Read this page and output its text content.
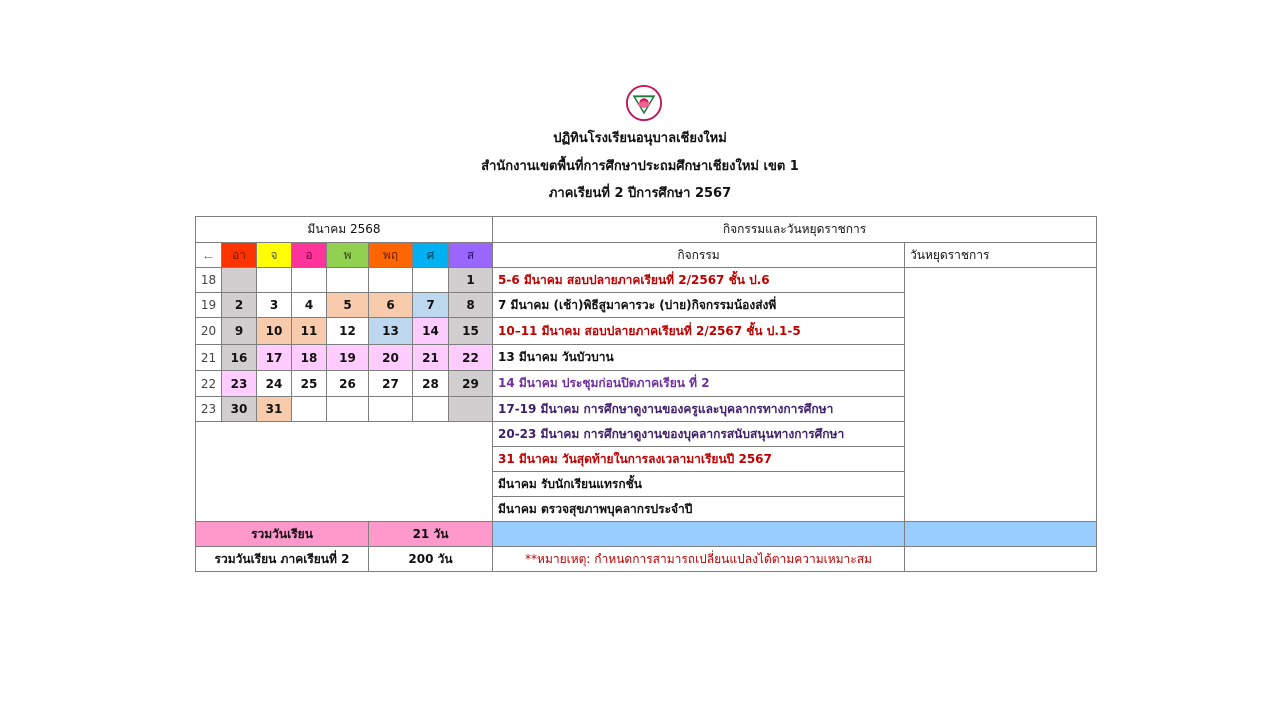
ปฏิทินโรงเรียนอนุบาลเชียงใหม่
สำนักงานเขตพื้นที่การศึกษาประถมศึกษาเชียงใหม่ เขต 1
ภาคเรียนที่ 2 ปีการศึกษา 2567
มีนาคม 2568								กิจกรรมและวันหยุดราชการ	
⟵	อา	จ	อ	พ	พฤ	ศ	ส	กิจกรรม	วันหยุดราชการ
18							1	5-6 มีนาคม สอบปลายภาคเรียนที่ 2/2567 ชั้น ป.6	
19	2	3	4	5	6	7	8	7 มีนาคม (เช้า)พิธีสูมาคารวะ (บ่าย)กิจกรรมน้องส่งพี่	
20	9	10	11	12	13	14	15	10–11 มีนาคม สอบปลายภาคเรียนที่ 2/2567 ชั้น ป.1-5	
21	16	17	18	19	20	21	22	13 มีนาคม วันบัวบาน	
22	23	24	25	26	27	28	29	14 มีนาคม ประชุมก่อนปิดภาคเรียน ที่ 2	
23	30	31						17-19 มีนาคม การศึกษาดูงานของครูและบุคลากรทางการศึกษา	
								20-23 มีนาคม การศึกษาดูงานของบุคลากรสนับสนุนทางการศึกษา	
								31 มีนาคม วันสุดท้ายในการลงเวลามาเรียนปี 2567	
								มีนาคม รับนักเรียนแทรกชั้น	
								มีนาคม ตรวจสุขภาพบุคลากรประจำปี	
รวมวันเรียน					21 วัน				
รวมวันเรียน ภาคเรียนที่ 2					200 วัน			**หมายเหตุ: กำหนดการสามารถเปลี่ยนแปลงได้ตามความเหมาะสม	
